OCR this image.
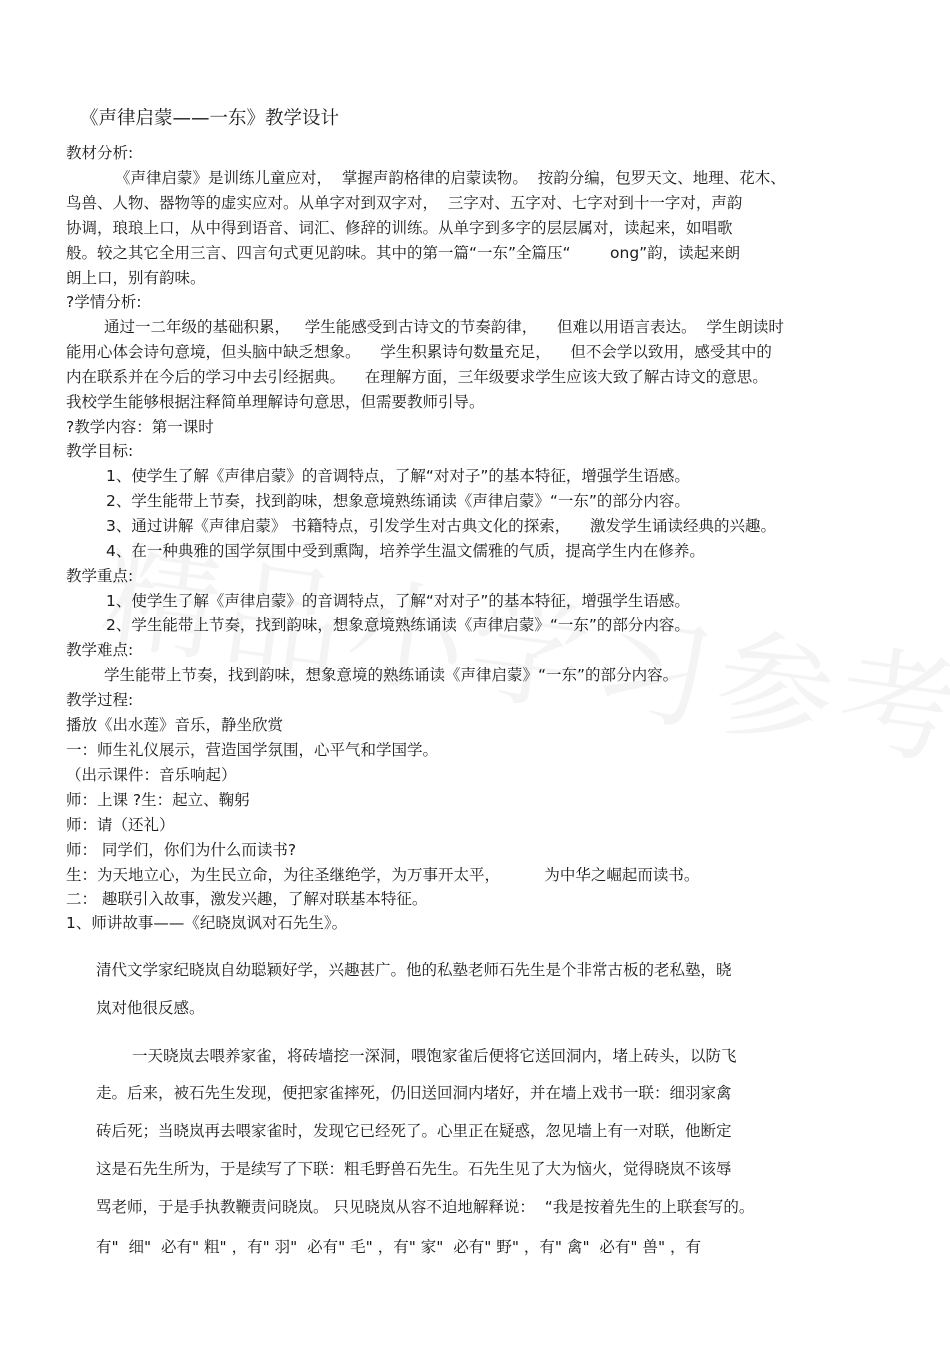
《声律启蒙——一东》教学设计
教材分析:
《声律启蒙》是训练儿童应对，  掌握声韵格律的启蒙读物。  按韵分编，包罗天文、地理、花木、
鸟兽、人物、器物等的虚实应对。从单字对到双字对，  三字对、五字对、七字对到十一字对，声韵
协调，琅琅上口，从中得到语音、词汇、修辞的训练。从单字到多字的层层属对，读起来，如唱歌
般。较之其它全用三言、四言句式更见韵味。其中的第一篇“一东”全篇压“        ong”韵，读起来朗
朗上口，别有韵味。
?学情分析:
通过一二年级的基础积累，   学生能感受到古诗文的节奏韵律，    但难以用语言表达。  学生朗读时
能用心体会诗句意境，但头脑中缺乏想象。    学生积累诗句数量充足，    但不会学以致用，感受其中的
内在联系并在今后的学习中去引经据典。    在理解方面，三年级要求学生应该大致了解古诗文的意思。
我校学生能够根据注释简单理解诗句意思，但需要教师引导。
?教学内容：第一课时
教学目标:
1、使学生了解《声律启蒙》的音调特点，了解“对对子”的基本特征，增强学生语感。
2、学生能带上节奏，找到韵味，想象意境熟练诵读《声律启蒙》“一东”的部分内容。
3、通过讲解《声律启蒙》 书籍特点，引发学生对古典文化的探索，    激发学生诵读经典的兴趣。
4、在一种典雅的国学氛围中受到熏陶，培养学生温文儒雅的气质，提高学生内在修养。
教学重点:
1、使学生了解《声律启蒙》的音调特点，了解“对对子”的基本特征，增强学生语感。
2、学生能带上节奏，找到韵味，想象意境熟练诵读《声律启蒙》“一东”的部分内容。
教学难点:
学生能带上节奏，找到韵味，想象意境的熟练诵读《声律启蒙》“一东”的部分内容。
教学过程:
播放《出水莲》音乐，静坐欣赏
一：师生礼仪展示，营造国学氛围，心平气和学国学。
（出示课件：音乐响起）
师：上课 ?生：起立、鞠躬
师：请（还礼）
师： 同学们，你们为什么而读书?
生：为天地立心，为生民立命，为往圣继绝学，为万事开太平，         为中华之崛起而读书。
二： 趣联引入故事，激发兴趣，了解对联基本特征。
1、师讲故事——《纪晓岚讽对石先生》。
清代文学家纪晓岚自幼聪颖好学，兴趣甚广。他的私塾老师石先生是个非常古板的老私塾，晓
岚对他很反感。
一天晓岚去喂养家雀，将砖墙挖一深洞，喂饱家雀后便将它送回洞内，堵上砖头，以防飞
走。后来，被石先生发现，便把家雀摔死，仍旧送回洞内堵好，并在墙上戏书一联：细羽家禽
砖后死；当晓岚再去喂家雀时，发现它已经死了。心里正在疑惑，忽见墙上有一对联，他断定
这是石先生所为，于是续写了下联：粗毛野兽石先生。石先生见了大为恼火，觉得晓岚不该辱
骂老师，于是手执教鞭责问晓岚。 只见晓岚从容不迫地解释说：  “我是按着先生的上联套写的。
有"  细"  必有" 粗" ，有" 羽"  必有" 毛" ，有" 家"  必有" 野" ，有" 禽"  必有" 兽" ，有
